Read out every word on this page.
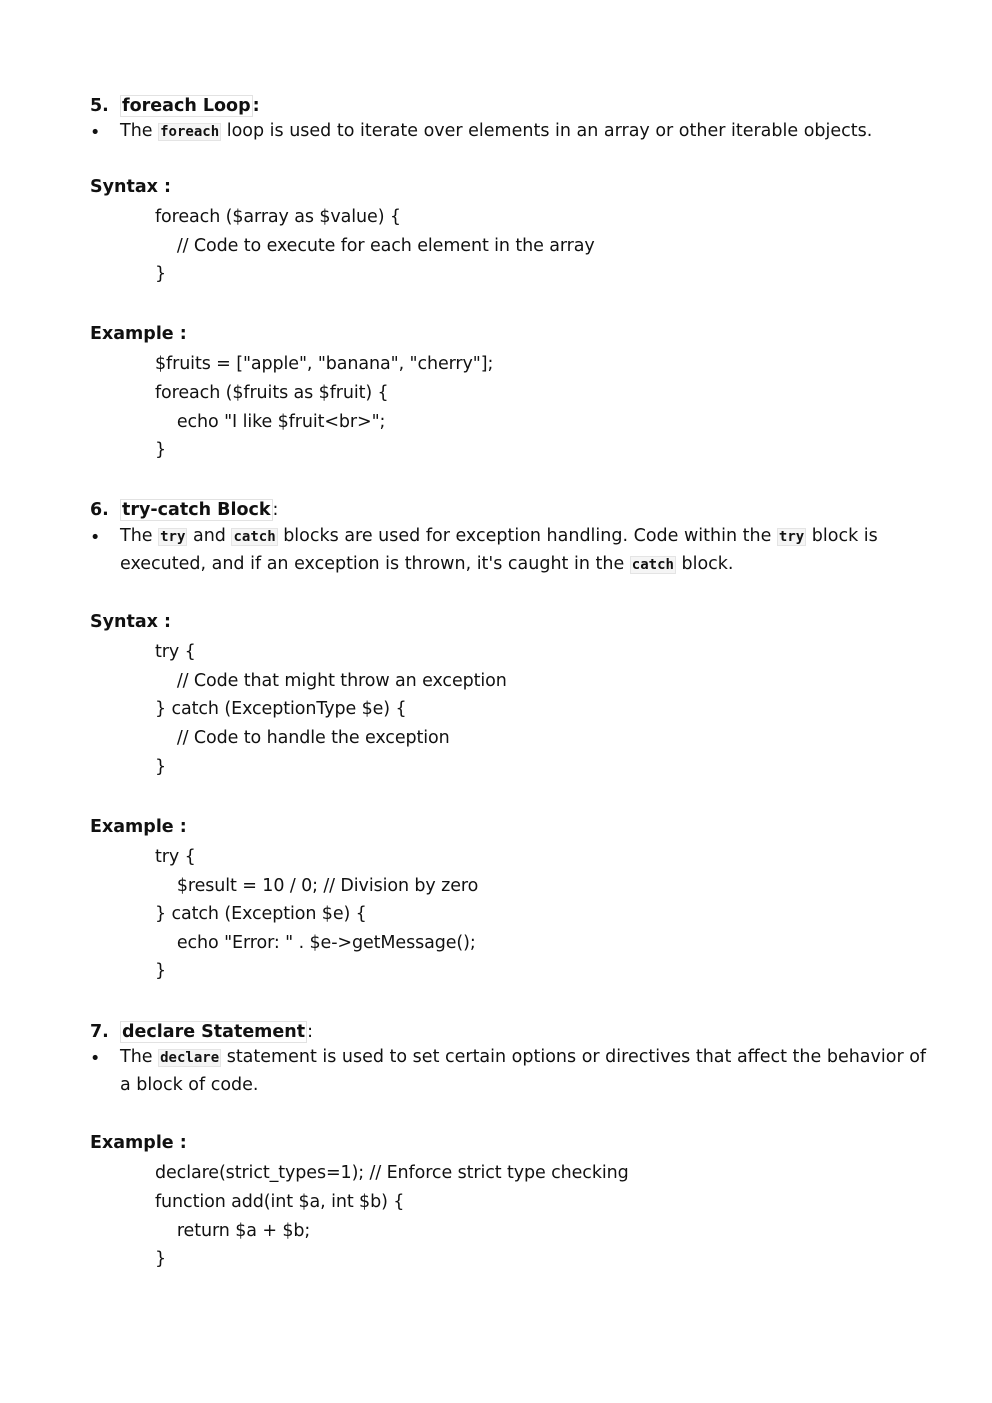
5. foreach Loop :
• The foreach loop is used to iterate over elements in an array or other iterable objects.
Syntax :
foreach ($array as $value) {
// Code to execute for each element in the array
}
Example :
$fruits = ["apple", "banana", "cherry"];
foreach ($fruits as $fruit) {
echo "I like $fruit<br>";
}
6. try-catch Block :
• The try and catch blocks are used for exception handling. Code within the try block is executed, and if an exception is thrown, it's caught in the catch block.
Syntax :
try {
// Code that might throw an exception
} catch (ExceptionType $e) {
// Code to handle the exception
}
Example :
try {
$result = 10 / 0; // Division by zero
} catch (Exception $e) {
echo "Error: " . $e->getMessage();
}
7. declare Statement :
• The declare statement is used to set certain options or directives that affect the behavior of a block of code.
Example :
declare(strict_types=1); // Enforce strict type checking
function add(int $a, int $b) {
return $a + $b;
}
